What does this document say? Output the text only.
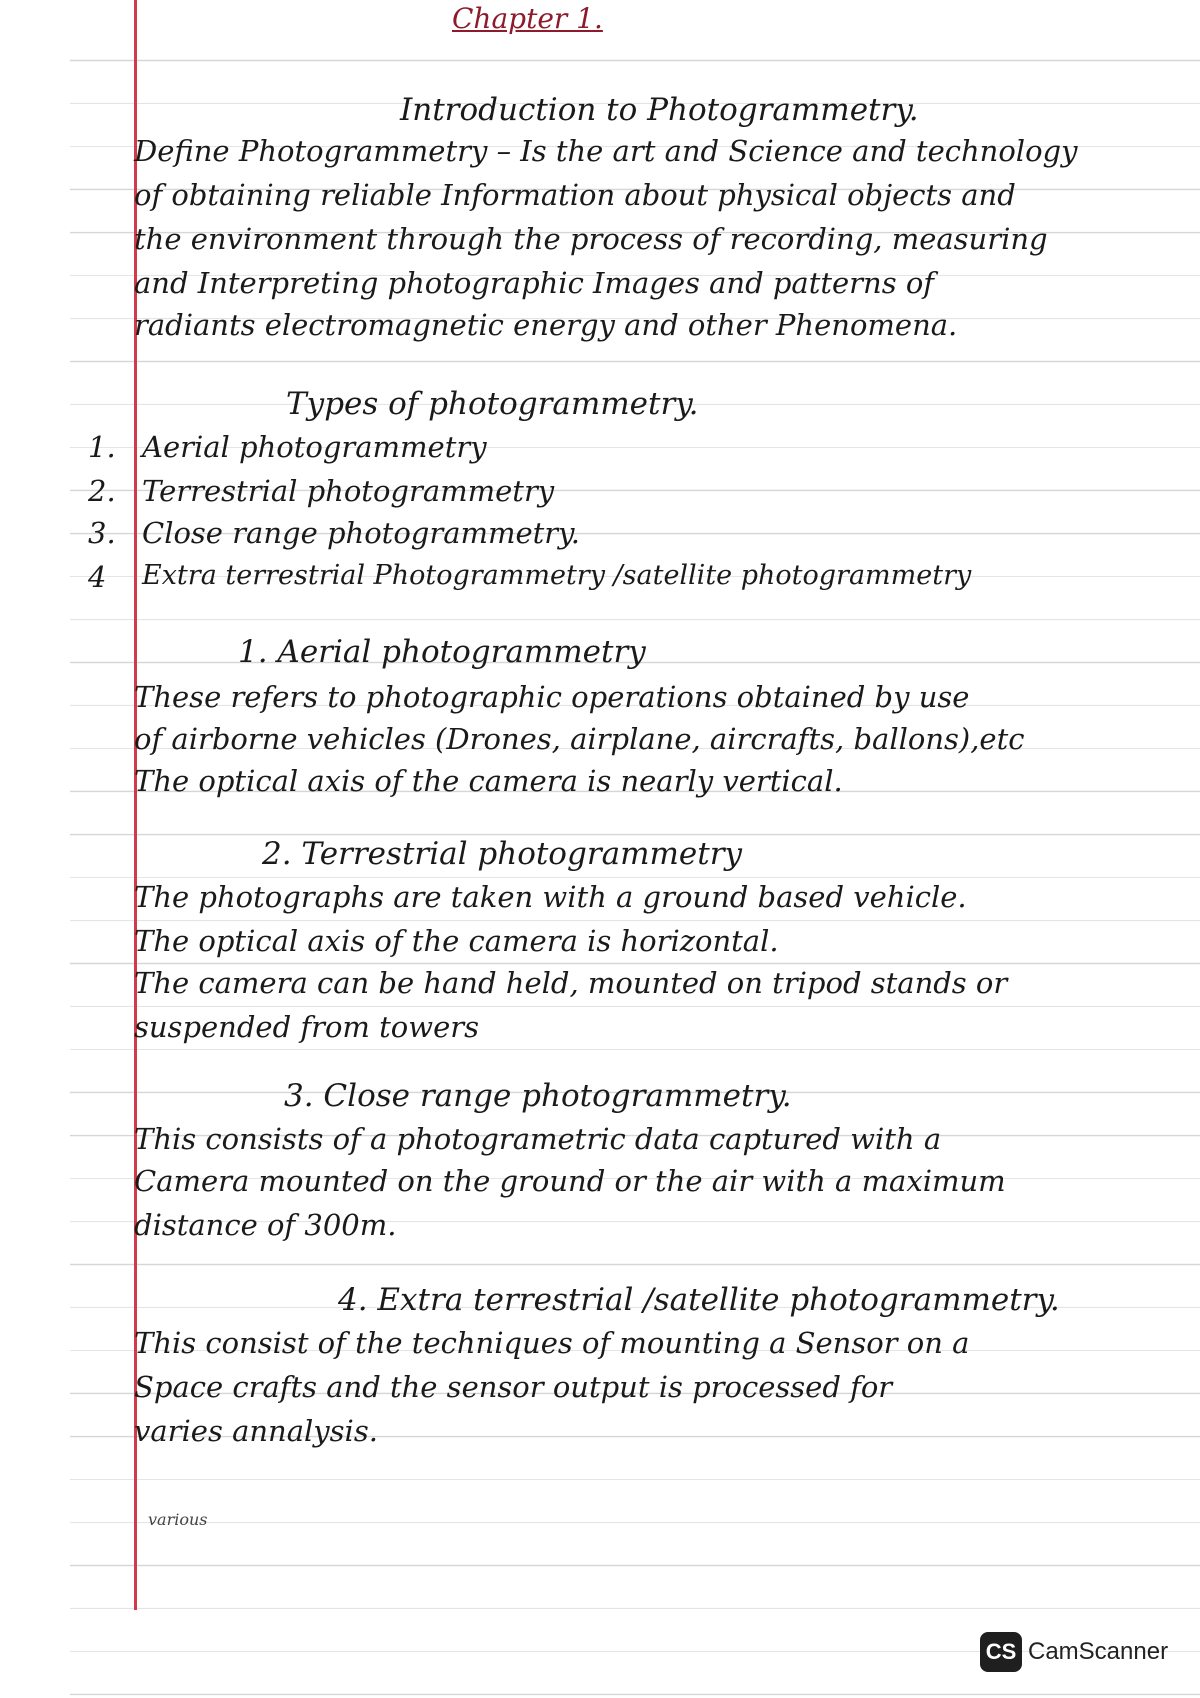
Chapter 1.
Introduction to Photogrammetry.
Define Photogrammetry – Is the art and Science and technology
of obtaining reliable Information about physical objects and
the environment through the process of recording, measuring
and Interpreting photographic Images and patterns of
radiants electromagnetic energy and other Phenomena.
Types of photogrammetry.
1. Aerial photogrammetry
2. Terrestrial photogrammetry
3. Close range photogrammetry.
4 Extra terrestrial Photogrammetry /satellite photogrammetry
1. Aerial photogrammetry
These refers to photographic operations obtained by use
of airborne vehicles (Drones, airplane, aircrafts, ballons),etc
The optical axis of the camera is nearly vertical.
2. Terrestrial photogrammetry
The photographs are taken with a ground based vehicle.
The optical axis of the camera is horizontal.
The camera can be hand held, mounted on tripod stands or
suspended from towers
3. Close range photogrammetry.
This consists of a photogrametric data captured with a
Camera mounted on the ground or the air with a maximum
distance of 300m.
4. Extra terrestrial /satellite photogrammetry.
This consist of the techniques of mounting a Sensor on a
Space crafts and the sensor output is processed for
various
varies annalysis.
CS CamScanner
